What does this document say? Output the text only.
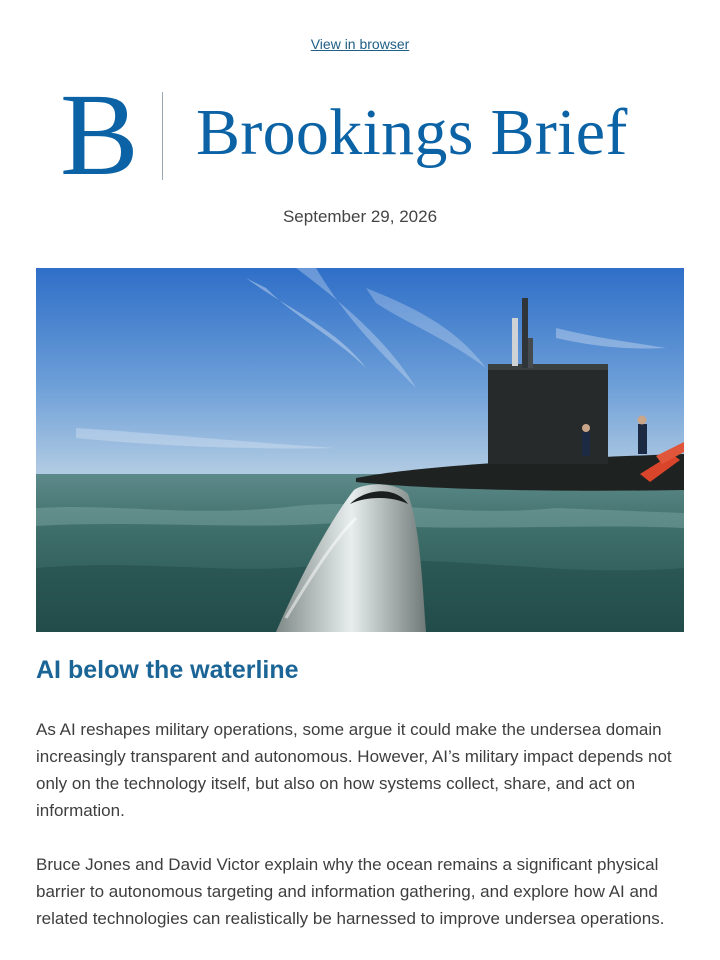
View in browser
B Brookings Brief
September 29, 2026
AI below the waterline

As AI reshapes military operations, some argue it could make the undersea domain increasingly transparent and autonomous. However, AI’s military impact depends not only on the technology itself, but also on how systems collect, share, and act on information.

Bruce Jones and David Victor explain why the ocean remains a significant physical barrier to autonomous targeting and information gathering, and explore how AI and related technologies can realistically be harnessed to improve undersea operations.
